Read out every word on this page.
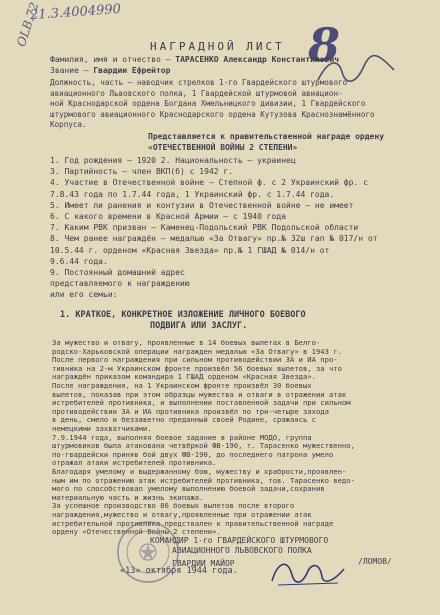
21.3.4004990
OLB.72	8
НАГРАДНОЙ ЛИСТ
Фамилия, имя и отчество – ТАРАСЕНКО Александр Константинович
Звание – Гвардии Ефрейтор
Должность, часть – наводчик стрелков 1-го Гвардейского штурмового
авиационного Львовского полка, 1 Гвардейской штурмовой авиацион-
ной Краснодарской ордена Богдана Хмельницкого дивизии, 1 Гвардейского
штурмового авиационного Краснодарского ордена Кутузова Краснознамённого
Корпуса.
Представляется к правительственной награде ордену
«ОТЕЧЕСТВЕННОЙ ВОЙНЫ 2 СТЕПЕНИ»
1. Год рождения – 1920 2. Национальность – украинец
3. Партийность – член ВКП(б) с 1942 г.
4. Участие в Отечественной войне – Степной ф. с 2 Украинский фр. с
7.8.43 года по 1.7.44 года, 1 Украинский фр. с 1.7.44 года.
5. Имеет ли ранения и контузии в Отечественной войне – не имеет
6. С какого времени в Красной Армии – с 1940 года
7. Каким РВК призван – Каменец-Подольский РВК Подольской области
8. Чем ранее награждён – медалью «За Отвагу» пр.№ 32ш гап № 017/н от
10.5.44 г. орденом «Красная Звезда» пр.№ 1 ГШАД № 014/н от
9.6.44 года.
9. Постоянный домашний адрес
представляемого к награждению
или его семьи:
1. КРАТКОЕ, КОНКРЕТНОЕ ИЗЛОЖЕНИЕ ЛИЧНОГО БОЕВОГО
ПОДВИГА ИЛИ ЗАСЛУГ.
За мужество и отвагу, проявленные в 14 боевых вылетах в Белго-
родско-Харьковской операции награжден медалью «За Отвагу» в 1943 г.
После первого награждения при сильном противодействии ЗА и ИА про-
тивника на 2-м Украинском фронте произвёл 56 боевых вылетов, за что
награждён приказом командира 1 ГШАД орденом «Красная Звезда».
После награждения, на 1 Украинском фронте произвёл 30 боевых
вылетов, показав при этом образцы мужества и отваги в отражении атак
истребителей противника, и выполнении поставленной задачи при сильном
противодействии ЗА и ИА противника произвёл по три-четыре захода
в день, смело и беззаветно преданный своей Родине, сражаясь с
немецкими захватчиками.
7.9.1944 года, выполняя боевое задание в районе МОДО, группа
штурмовиков была атакована четвёркой ФВ-190, т. Тарасенко мужественно,
по-гвардейски приняв бой двух ФВ-190, до последнего патрона умело
отражал атаки истребителей противника.
Благодаря умелому и выдержанному бою, мужеству и храбрости,проявлен-
ным им по отражению атак истребителей противника, тов. Тарасенко ведо-
мого по способствовал умелому выполнению боевой задачи,сохранив
материальную часть и жизнь экипажа.
За успешное производство 86 боевых вылетов после второго
награждения,мужество и отвагу,проявленные при отражении атак
истребительной противника предствален к правительственной награде
ордену «Отечественной Войны 2 степени».
КОМАНДИР 1-го ГВАРДЕЙСКОГО ШТУРМОВОГО
АВИАЦИОННОГО ЛЬВОВСКОГО ПОЛКА
ГВАРДИИ МАЙОР	/ЛОМОВ/
«13» октября 1944 года.
